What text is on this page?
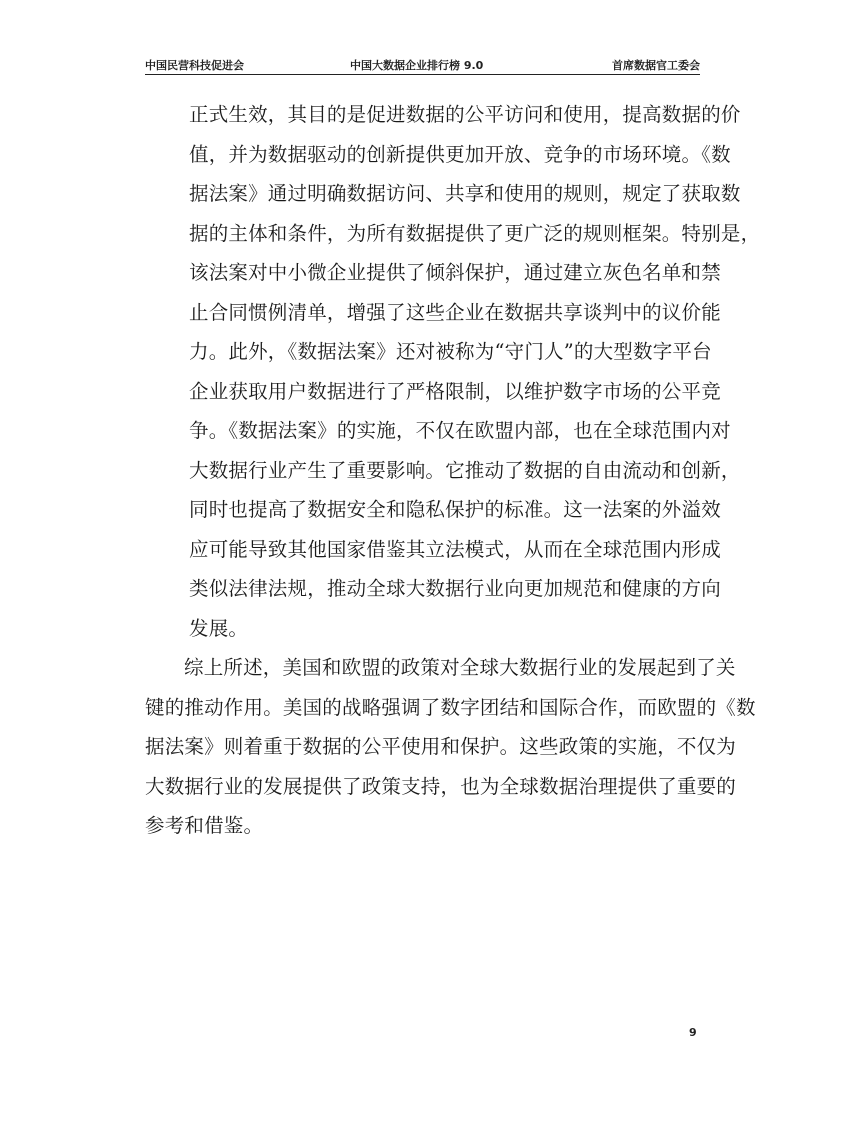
中国民营科技促进会	中国大数据企业排行榜 9.0	首席数据官工委会
正式生效，其目的是促进数据的公平访问和使用，提高数据的价
值，并为数据驱动的创新提供更加开放、竞争的市场环境。《数
据法案》通过明确数据访问、共享和使用的规则，规定了获取数
据的主体和条件，为所有数据提供了更广泛的规则框架。特别是，
该法案对中小微企业提供了倾斜保护，通过建立灰色名单和禁
止合同惯例清单，增强了这些企业在数据共享谈判中的议价能
力。此外，《数据法案》还对被称为“守门人”的大型数字平台
企业获取用户数据进行了严格限制，以维护数字市场的公平竞
争。《数据法案》的实施，不仅在欧盟内部，也在全球范围内对
大数据行业产生了重要影响。它推动了数据的自由流动和创新，
同时也提高了数据安全和隐私保护的标准。这一法案的外溢效
应可能导致其他国家借鉴其立法模式，从而在全球范围内形成
类似法律法规，推动全球大数据行业向更加规范和健康的方向
发展。
综上所述，美国和欧盟的政策对全球大数据行业的发展起到了关
键的推动作用。美国的战略强调了数字团结和国际合作，而欧盟的《数
据法案》则着重于数据的公平使用和保护。这些政策的实施，不仅为
大数据行业的发展提供了政策支持，也为全球数据治理提供了重要的
参考和借鉴。
9
